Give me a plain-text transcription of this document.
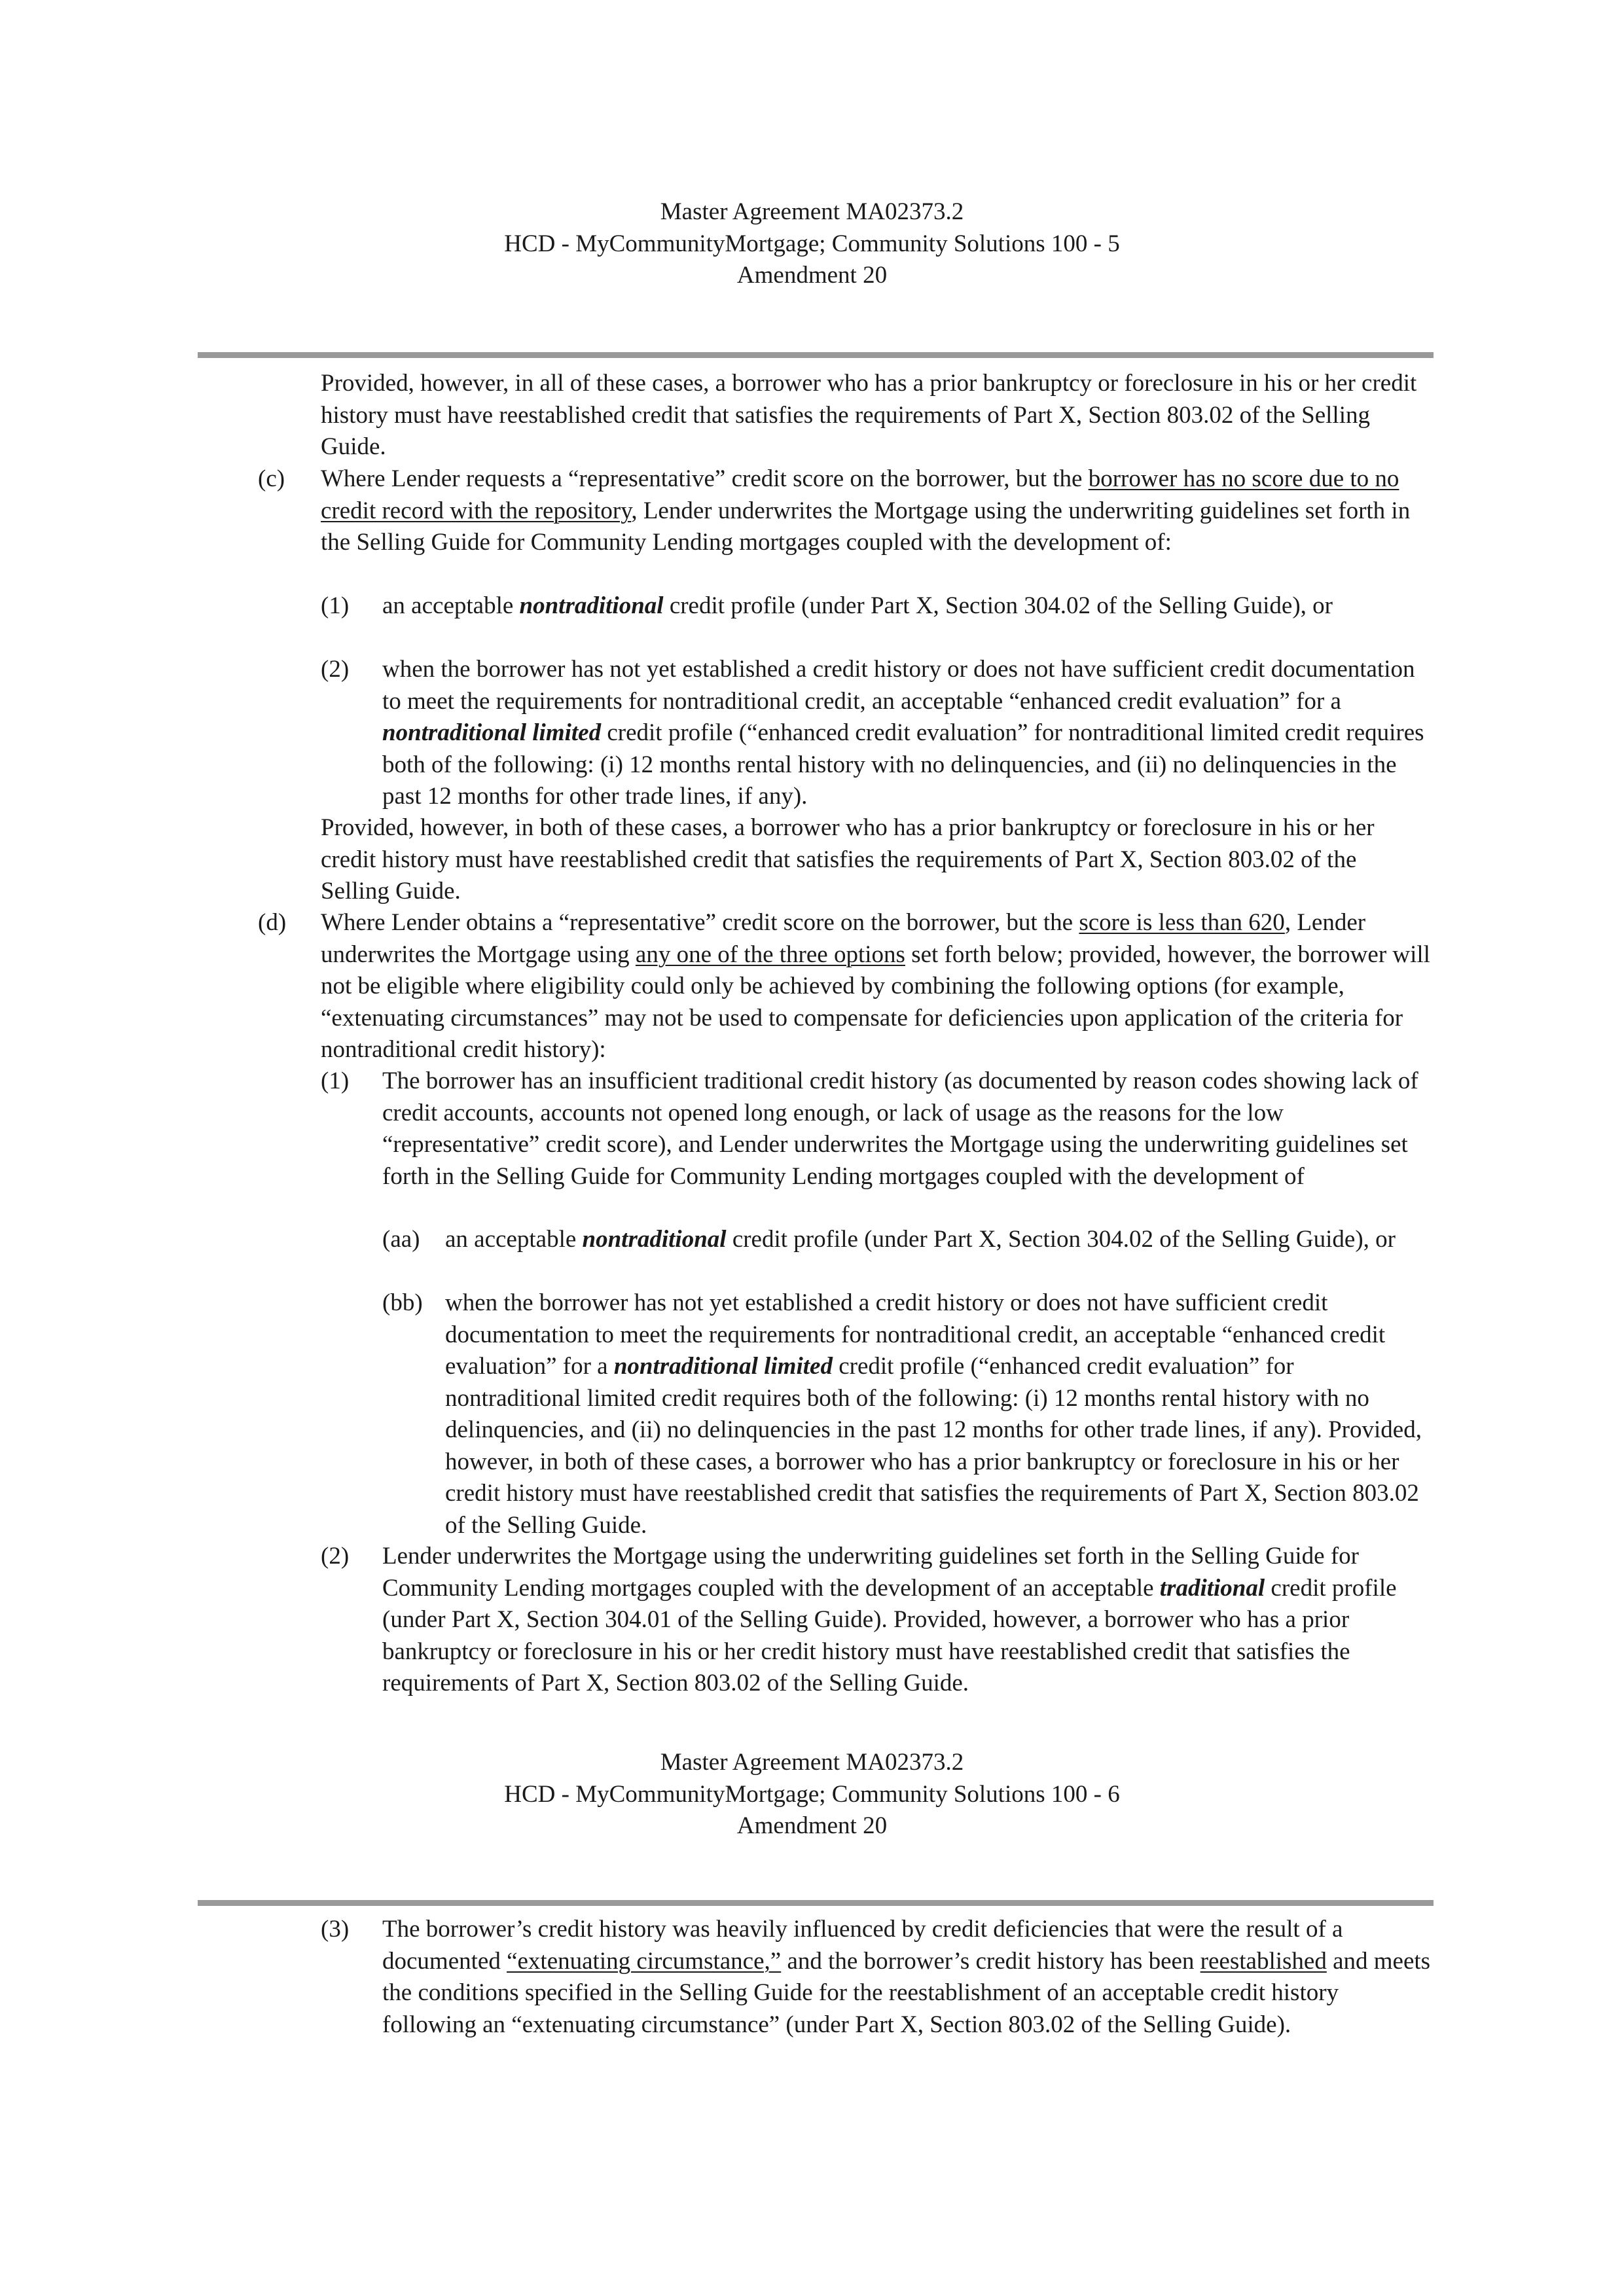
Master Agreement MA02373.2
HCD - MyCommunityMortgage; Community Solutions 100 - 5
Amendment 20
Provided, however, in all of these cases, a borrower who has a prior bankruptcy or foreclosure in his or her credit history must have reestablished credit that satisfies the requirements of Part X, Section 803.02 of the Selling Guide.
(c) Where Lender requests a “representative” credit score on the borrower, but the borrower has no score due to no credit record with the repository, Lender underwrites the Mortgage using the underwriting guidelines set forth in the Selling Guide for Community Lending mortgages coupled with the development of:
(1) an acceptable nontraditional credit profile (under Part X, Section 304.02 of the Selling Guide), or
(2) when the borrower has not yet established a credit history or does not have sufficient credit documentation to meet the requirements for nontraditional credit, an acceptable “enhanced credit evaluation” for a nontraditional limited credit profile (“enhanced credit evaluation” for nontraditional limited credit requires both of the following: (i) 12 months rental history with no delinquencies, and (ii) no delinquencies in the past 12 months for other trade lines, if any).
Provided, however, in both of these cases, a borrower who has a prior bankruptcy or foreclosure in his or her credit history must have reestablished credit that satisfies the requirements of Part X, Section 803.02 of the Selling Guide.
(d) Where Lender obtains a “representative” credit score on the borrower, but the score is less than 620, Lender underwrites the Mortgage using any one of the three options set forth below; provided, however, the borrower will not be eligible where eligibility could only be achieved by combining the following options (for example, “extenuating circumstances” may not be used to compensate for deficiencies upon application of the criteria for nontraditional credit history):
(1) The borrower has an insufficient traditional credit history (as documented by reason codes showing lack of credit accounts, accounts not opened long enough, or lack of usage as the reasons for the low “representative” credit score), and Lender underwrites the Mortgage using the underwriting guidelines set forth in the Selling Guide for Community Lending mortgages coupled with the development of
(aa) an acceptable nontraditional credit profile (under Part X, Section 304.02 of the Selling Guide), or
(bb) when the borrower has not yet established a credit history or does not have sufficient credit documentation to meet the requirements for nontraditional credit, an acceptable “enhanced credit evaluation” for a nontraditional limited credit profile (“enhanced credit evaluation” for nontraditional limited credit requires both of the following: (i) 12 months rental history with no delinquencies, and (ii) no delinquencies in the past 12 months for other trade lines, if any). Provided, however, in both of these cases, a borrower who has a prior bankruptcy or foreclosure in his or her credit history must have reestablished credit that satisfies the requirements of Part X, Section 803.02 of the Selling Guide.
(2) Lender underwrites the Mortgage using the underwriting guidelines set forth in the Selling Guide for Community Lending mortgages coupled with the development of an acceptable traditional credit profile (under Part X, Section 304.01 of the Selling Guide). Provided, however, a borrower who has a prior bankruptcy or foreclosure in his or her credit history must have reestablished credit that satisfies the requirements of Part X, Section 803.02 of the Selling Guide.
Master Agreement MA02373.2
HCD - MyCommunityMortgage; Community Solutions 100 - 6
Amendment 20
(3) The borrower’s credit history was heavily influenced by credit deficiencies that were the result of a documented “extenuating circumstance,” and the borrower’s credit history has been reestablished and meets the conditions specified in the Selling Guide for the reestablishment of an acceptable credit history following an “extenuating circumstance” (under Part X, Section 803.02 of the Selling Guide).
